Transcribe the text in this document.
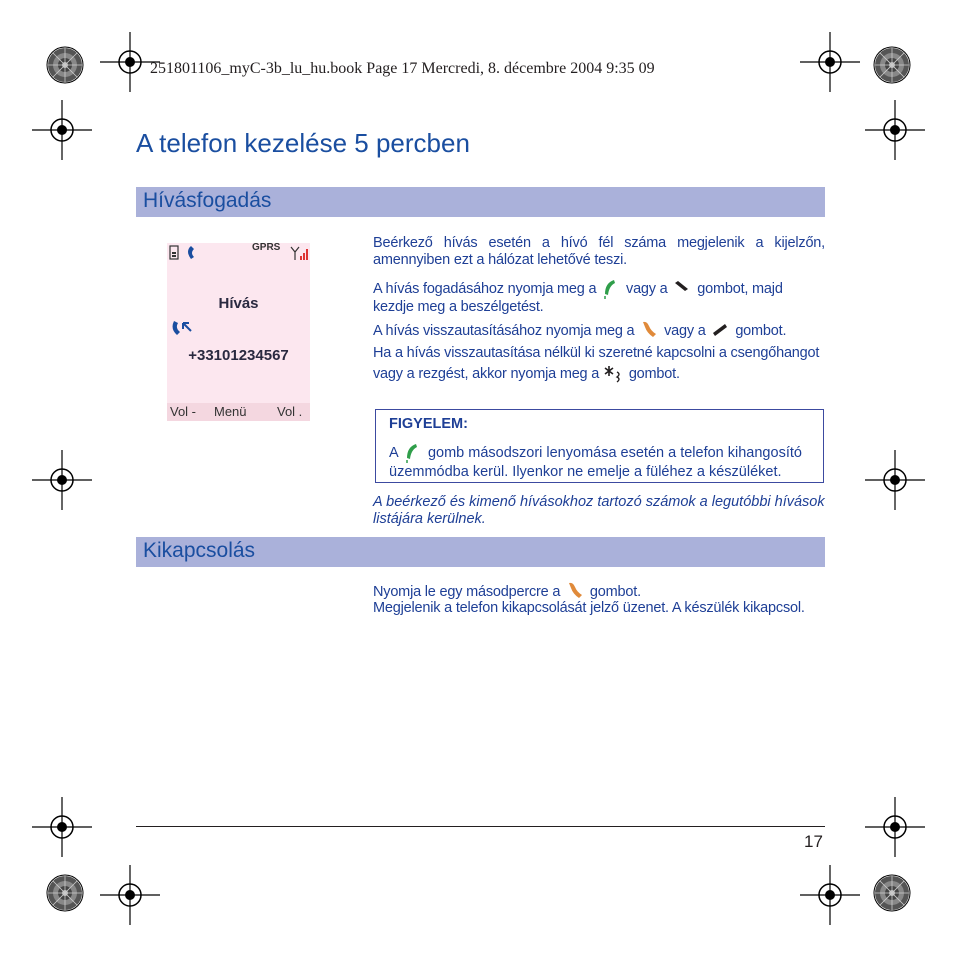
251801106_myC-3b_lu_hu.book Page 17 Mercredi, 8. décembre 2004 9:35 09
A telefon kezelése 5 percben
Hívásfogadás
GPRS
Hívás
+33101234567
Vol - Menü Vol .

Beérkező hívás esetén a hívó fél száma megjelenik a kijelzőn, amennyiben ezt a hálózat lehetővé teszi.

A hívás fogadásához nyomja meg a vagy a gombot, majd kezdje meg a beszélgetést.
A hívás visszautasításához nyomja meg a vagy a gombot.
Ha a hívás visszautasítása nélkül ki szeretné kapcsolni a csengőhangot vagy a rezgést, akkor nyomja meg a gombot.
FIGYELEM:
A gomb másodszori lenyomása esetén a telefon kihangosító üzemmódba kerül. Ilyenkor ne emelje a füléhez a készüléket.
A beérkező és kimenő hívásokhoz tartozó számok a legutóbbi hívások listájára kerülnek.
Kikapcsolás
Nyomja le egy másodpercre a gombot.
Megjelenik a telefon kikapcsolását jelző üzenet. A készülék kikapcsol.
17
